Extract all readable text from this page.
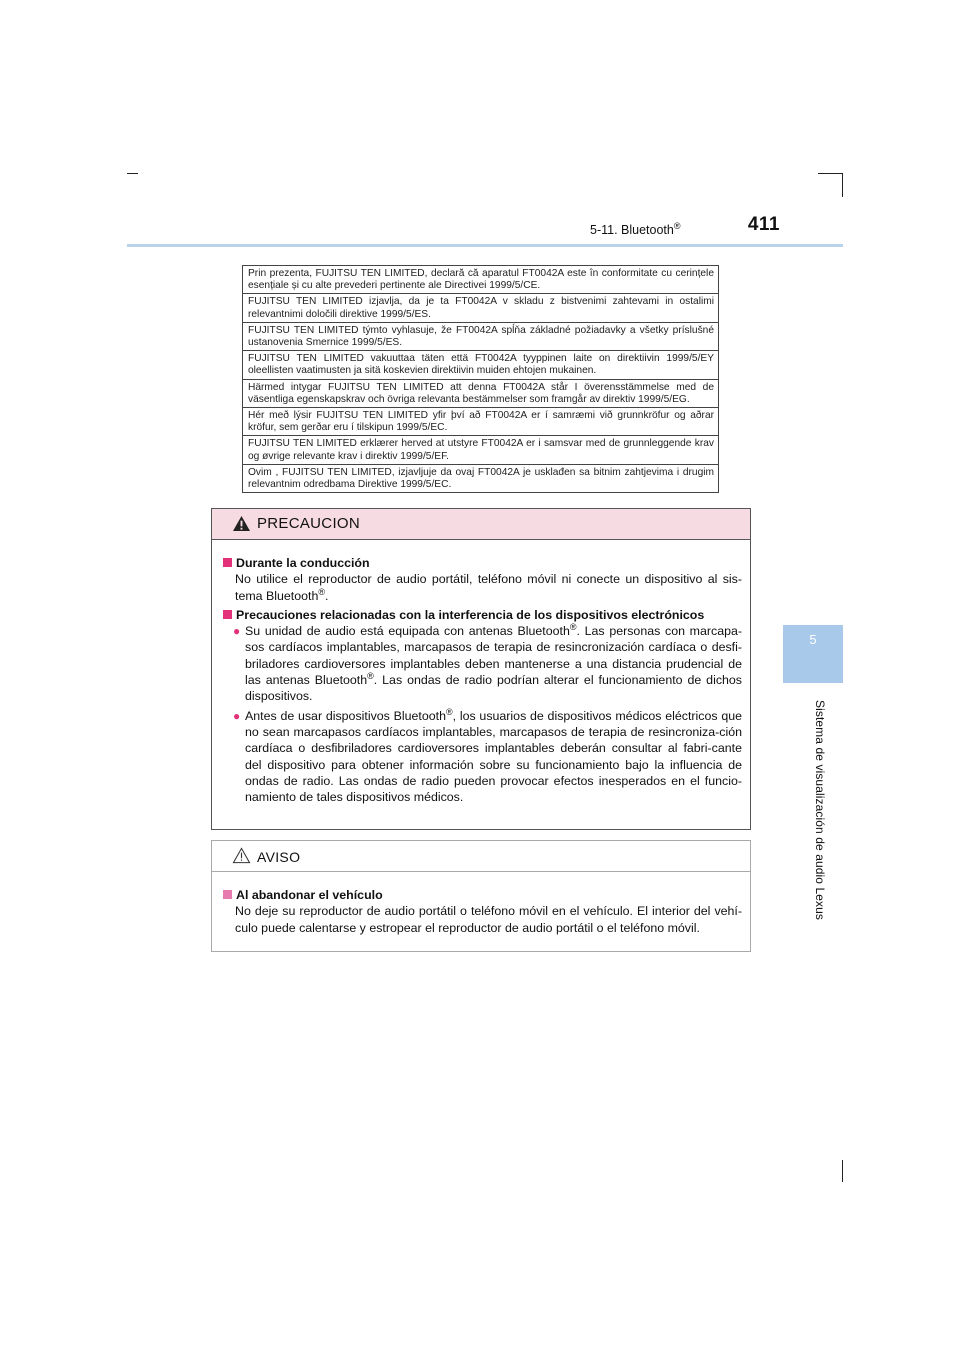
5-11. Bluetooth®	411
5
Sistema de visualización de audio Lexus
Prin prezenta, FUJITSU TEN LIMITED, declară că aparatul FT0042A este în conformitate cu cerințele esențiale și cu alte prevederi pertinente ale Directivei 1999/5/CE.
FUJITSU TEN LIMITED izjavlja, da je ta FT0042A v skladu z bistvenimi zahtevami in ostalimi relevantnimi določili direktive 1999/5/ES.
FUJITSU TEN LIMITED týmto vyhlasuje, že FT0042A spĺňa základné požiadavky a všetky príslušné ustanovenia Smernice 1999/5/ES.
FUJITSU TEN LIMITED vakuuttaa täten että FT0042A tyyppinen laite on direktiivin 1999/5/EY oleellisten vaatimusten ja sitä koskevien direktiivin muiden ehtojen mukainen.
Härmed intygar FUJITSU TEN LIMITED att denna FT0042A står I överensstämmelse med de väsentliga egenskapskrav och övriga relevanta bestämmelser som framgår av direktiv 1999/5/EG.
Hér með lýsir FUJITSU TEN LIMITED yfir því að FT0042A er í samræmi við grunnkröfur og aðrar kröfur, sem gerðar eru í tilskipun 1999/5/EC.
FUJITSU TEN LIMITED erklærer herved at utstyre FT0042A er i samsvar med de grunnleggende krav og øvrige relevante krav i direktiv 1999/5/EF.
Ovim , FUJITSU TEN LIMITED, izjavljuje da ovaj FT0042A je usklađen sa bitnim zahtjevima i drugim relevantnim odredbama Direktive 1999/5/EC.
PRECAUCION
Durante la conducción

No utilice el reproductor de audio portátil, teléfono móvil ni conecte un dispositivo al sis-tema Bluetooth®.

Precauciones relacionadas con la interferencia de los dispositivos electrónicos
● Su unidad de audio está equipada con antenas Bluetooth®. Las personas con marcapa-sos cardíacos implantables, marcapasos de terapia de resincronización cardíaca o desfi-briladores cardioversores implantables deben mantenerse a una distancia prudencial de las antenas Bluetooth®. Las ondas de radio podrían alterar el funcionamiento de dichos dispositivos.
● Antes de usar dispositivos Bluetooth®, los usuarios de dispositivos médicos eléctricos que no sean marcapasos cardíacos implantables, marcapasos de terapia de resincroniza-ción cardíaca o desfibriladores cardioversores implantables deberán consultar al fabri-cante del dispositivo para obtener información sobre su funcionamiento bajo la influencia de ondas de radio. Las ondas de radio pueden provocar efectos inesperados en el funcio-namiento de tales dispositivos médicos.
AVISO
Al abandonar el vehículo

No deje su reproductor de audio portátil o teléfono móvil en el vehículo. El interior del vehí-culo puede calentarse y estropear el reproductor de audio portátil o el teléfono móvil.
